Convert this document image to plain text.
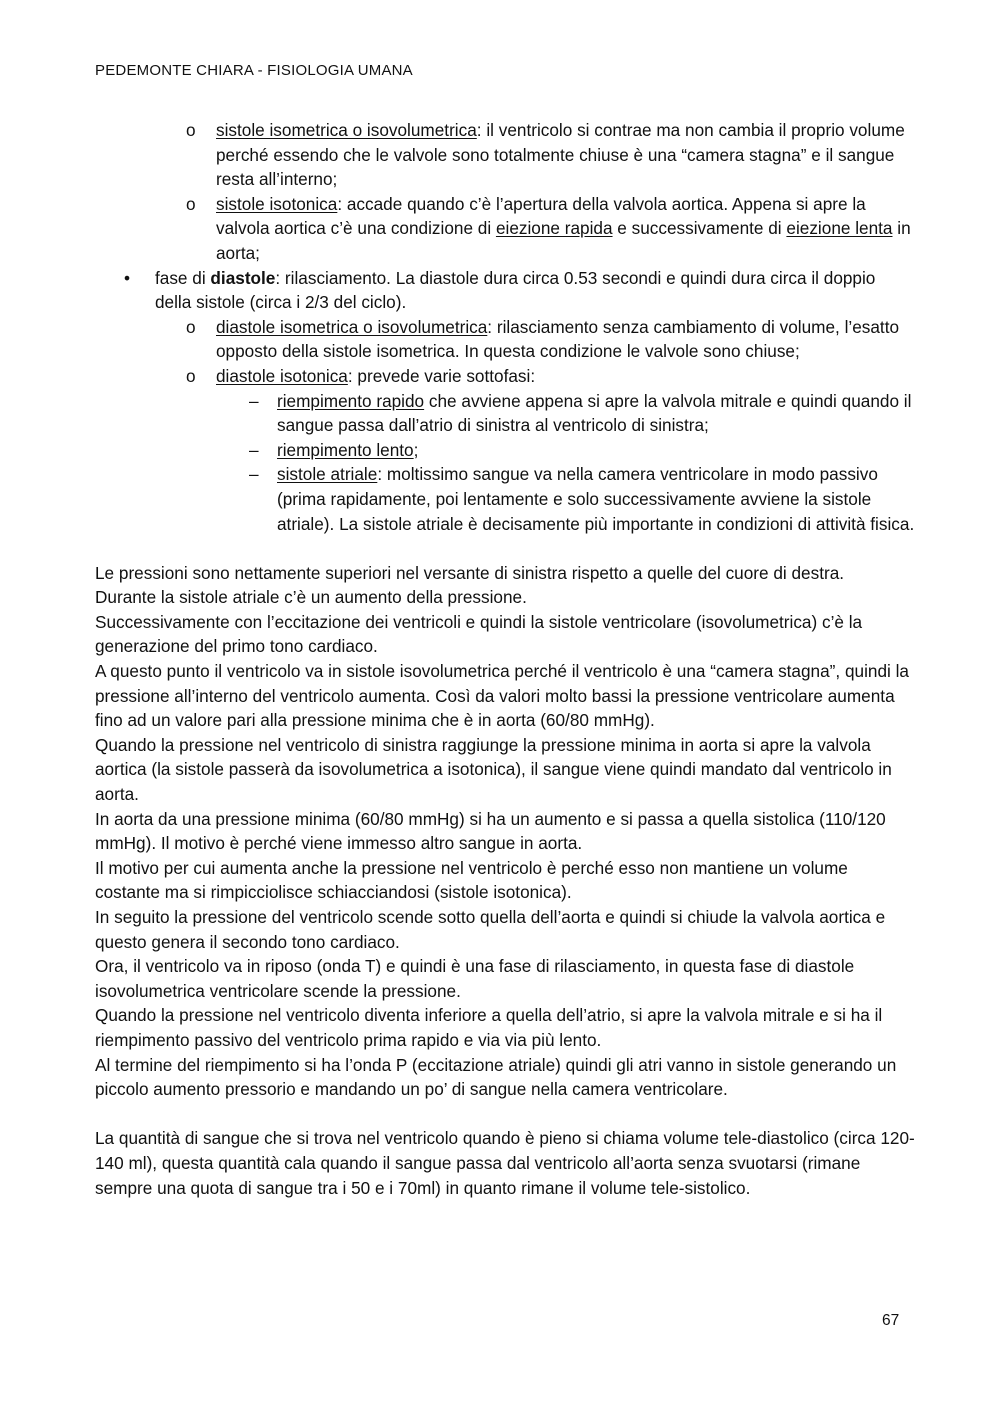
PEDEMONTE CHIARA - FISIOLOGIA UMANA
o sistole isometrica o isovolumetrica: il ventricolo si contrae ma non cambia il proprio volume perché essendo che le valvole sono totalmente chiuse è una “camera stagna” e il sangue resta all’interno;
o sistole isotonica: accade quando c’è l’apertura della valvola aortica. Appena si apre la valvola aortica c’è una condizione di eiezione rapida e successivamente di eiezione lenta in aorta;
• fase di diastole: rilasciamento. La diastole dura circa 0.53 secondi e quindi dura circa il doppio della sistole (circa i 2/3 del ciclo).
o diastole isometrica o isovolumetrica: rilasciamento senza cambiamento di volume, l’esatto opposto della sistole isometrica. In questa condizione le valvole sono chiuse;
o diastole isotonica: prevede varie sottofasi:
– riempimento rapido che avviene appena si apre la valvola mitrale e quindi quando il sangue passa dall’atrio di sinistra al ventricolo di sinistra;
– riempimento lento;
– sistole atriale: moltissimo sangue va nella camera ventricolare in modo passivo (prima rapidamente, poi lentamente e solo successivamente avviene la sistole atriale). La sistole atriale è decisamente più importante in condizioni di attività fisica.
Le pressioni sono nettamente superiori nel versante di sinistra rispetto a quelle del cuore di destra.
Durante la sistole atriale c’è un aumento della pressione.
Successivamente con l’eccitazione dei ventricoli e quindi la sistole ventricolare (isovolumetrica) c’è la generazione del primo tono cardiaco.
A questo punto il ventricolo va in sistole isovolumetrica perché il ventricolo è una “camera stagna”, quindi la pressione all’interno del ventricolo aumenta. Così da valori molto bassi la pressione ventricolare aumenta fino ad un valore pari alla pressione minima che è in aorta (60/80 mmHg).
Quando la pressione nel ventricolo di sinistra raggiunge la pressione minima in aorta si apre la valvola aortica (la sistole passerà da isovolumetrica a isotonica), il sangue viene quindi mandato dal ventricolo in aorta.
In aorta da una pressione minima (60/80 mmHg) si ha un aumento e si passa a quella sistolica (110/120 mmHg). Il motivo è perché viene immesso altro sangue in aorta.
Il motivo per cui aumenta anche la pressione nel ventricolo è perché esso non mantiene un volume costante ma si rimpicciolisce schiacciandosi (sistole isotonica).
In seguito la pressione del ventricolo scende sotto quella dell’aorta e quindi si chiude la valvola aortica e questo genera il secondo tono cardiaco.
Ora, il ventricolo va in riposo (onda T) e quindi è una fase di rilasciamento, in questa fase di diastole isovolumetrica ventricolare scende la pressione.
Quando la pressione nel ventricolo diventa inferiore a quella dell’atrio, si apre la valvola mitrale e si ha il riempimento passivo del ventricolo prima rapido e via via più lento.
Al termine del riempimento si ha l’onda P (eccitazione atriale) quindi gli atri vanno in sistole generando un piccolo aumento pressorio e mandando un po’ di sangue nella camera ventricolare.
La quantità di sangue che si trova nel ventricolo quando è pieno si chiama volume tele-diastolico (circa 120-140 ml), questa quantità cala quando il sangue passa dal ventricolo all’aorta senza svuotarsi (rimane sempre una quota di sangue tra i 50 e i 70ml) in quanto rimane il volume tele-sistolico.
67
